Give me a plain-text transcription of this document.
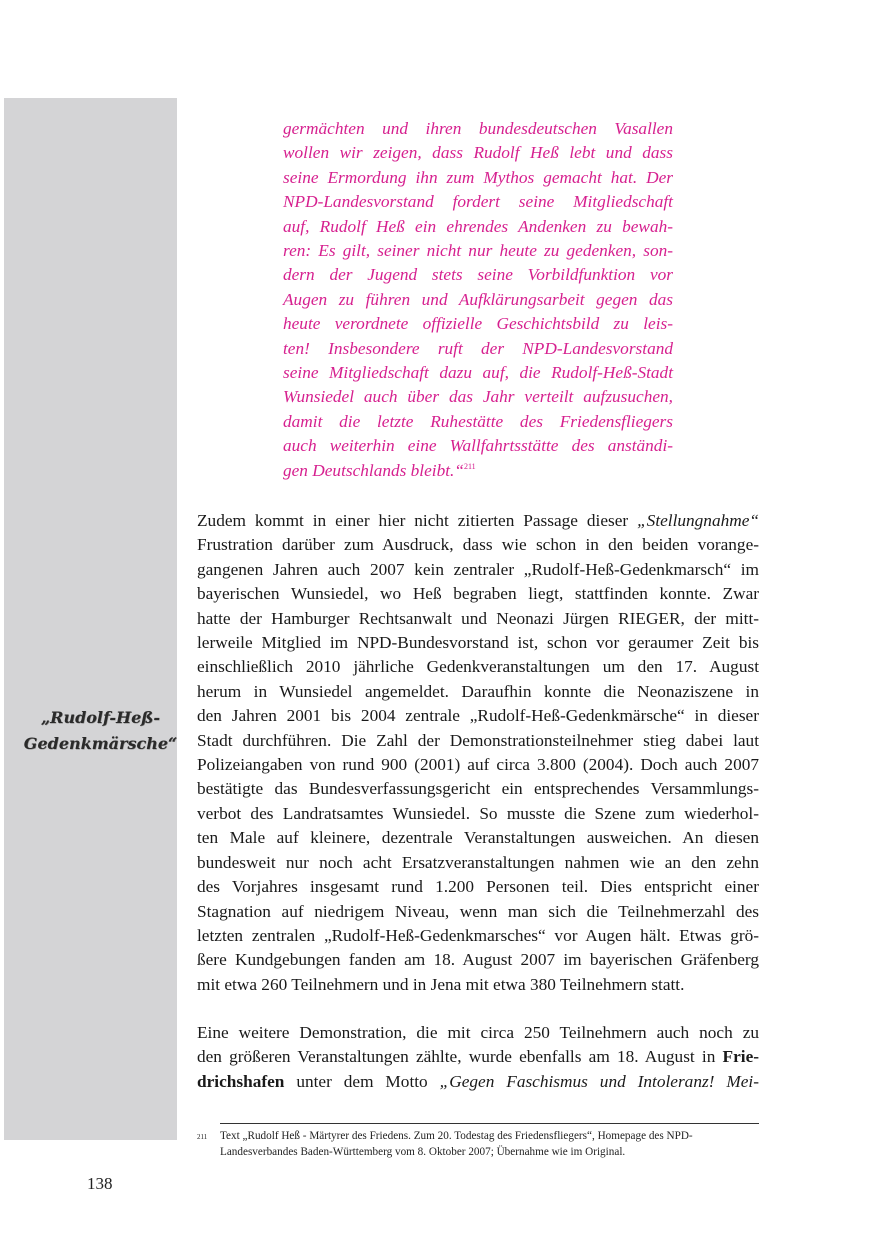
„Rudolf-Heß-
Gedenkmärsche“
germächten und ihren bundesdeutschen Vasallen
wollen wir zeigen, dass Rudolf Heß lebt und dass
seine Ermordung ihn zum Mythos gemacht hat. Der
NPD-Landesvorstand fordert seine Mitgliedschaft
auf, Rudolf Heß ein ehrendes Andenken zu bewah-
ren: Es gilt, seiner nicht nur heute zu gedenken, son-
dern der Jugend stets seine Vorbildfunktion vor
Augen zu führen und Aufklärungsarbeit gegen das
heute verordnete offizielle Geschichtsbild zu leis-
ten! Insbesondere ruft der NPD-Landesvorstand
seine Mitgliedschaft dazu auf, die Rudolf-Heß-Stadt
Wunsiedel auch über das Jahr verteilt aufzusuchen,
damit die letzte Ruhestätte des Friedensfliegers
auch weiterhin eine Wallfahrtsstätte des anständi-
gen Deutschlands bleibt.“$^{211}$
Zudem kommt in einer hier nicht zitierten Passage dieser „Stellungnahme“
Frustration darüber zum Ausdruck, dass wie schon in den beiden vorange-
gangenen Jahren auch 2007 kein zentraler „Rudolf-Heß-Gedenkmarsch“ im
bayerischen Wunsiedel, wo Heß begraben liegt, stattfinden konnte. Zwar
hatte der Hamburger Rechtsanwalt und Neonazi Jürgen RIEGER, der mitt-
lerweile Mitglied im NPD-Bundesvorstand ist, schon vor geraumer Zeit bis
einschließlich 2010 jährliche Gedenkveranstaltungen um den 17. August
herum in Wunsiedel angemeldet. Daraufhin konnte die Neonaziszene in
den Jahren 2001 bis 2004 zentrale „Rudolf-Heß-Gedenkmärsche“ in dieser
Stadt durchführen. Die Zahl der Demonstrationsteilnehmer stieg dabei laut
Polizeiangaben von rund 900 (2001) auf circa 3.800 (2004). Doch auch 2007
bestätigte das Bundesverfassungsgericht ein entsprechendes Versammlungs-
verbot des Landratsamtes Wunsiedel. So musste die Szene zum wiederhol-
ten Male auf kleinere, dezentrale Veranstaltungen ausweichen. An diesen
bundesweit nur noch acht Ersatzveranstaltungen nahmen wie an den zehn
des Vorjahres insgesamt rund 1.200 Personen teil. Dies entspricht einer
Stagnation auf niedrigem Niveau, wenn man sich die Teilnehmerzahl des
letzten zentralen „Rudolf-Heß-Gedenkmarsches“ vor Augen hält. Etwas grö-
ßere Kundgebungen fanden am 18. August 2007 im bayerischen Gräfenberg
mit etwa 260 Teilnehmern und in Jena mit etwa 380 Teilnehmern statt.
Eine weitere Demonstration, die mit circa 250 Teilnehmern auch noch zu
den größeren Veranstaltungen zählte, wurde ebenfalls am 18. August in Frie-
drichshafen unter dem Motto „Gegen Faschismus und Intoleranz! Mei-
211 Text „Rudolf Heß - Märtyrer des Friedens. Zum 20. Todestag des Friedensfliegers“, Homepage des NPD-
Landesverbandes Baden-Württemberg vom 8. Oktober 2007; Übernahme wie im Original.
138
